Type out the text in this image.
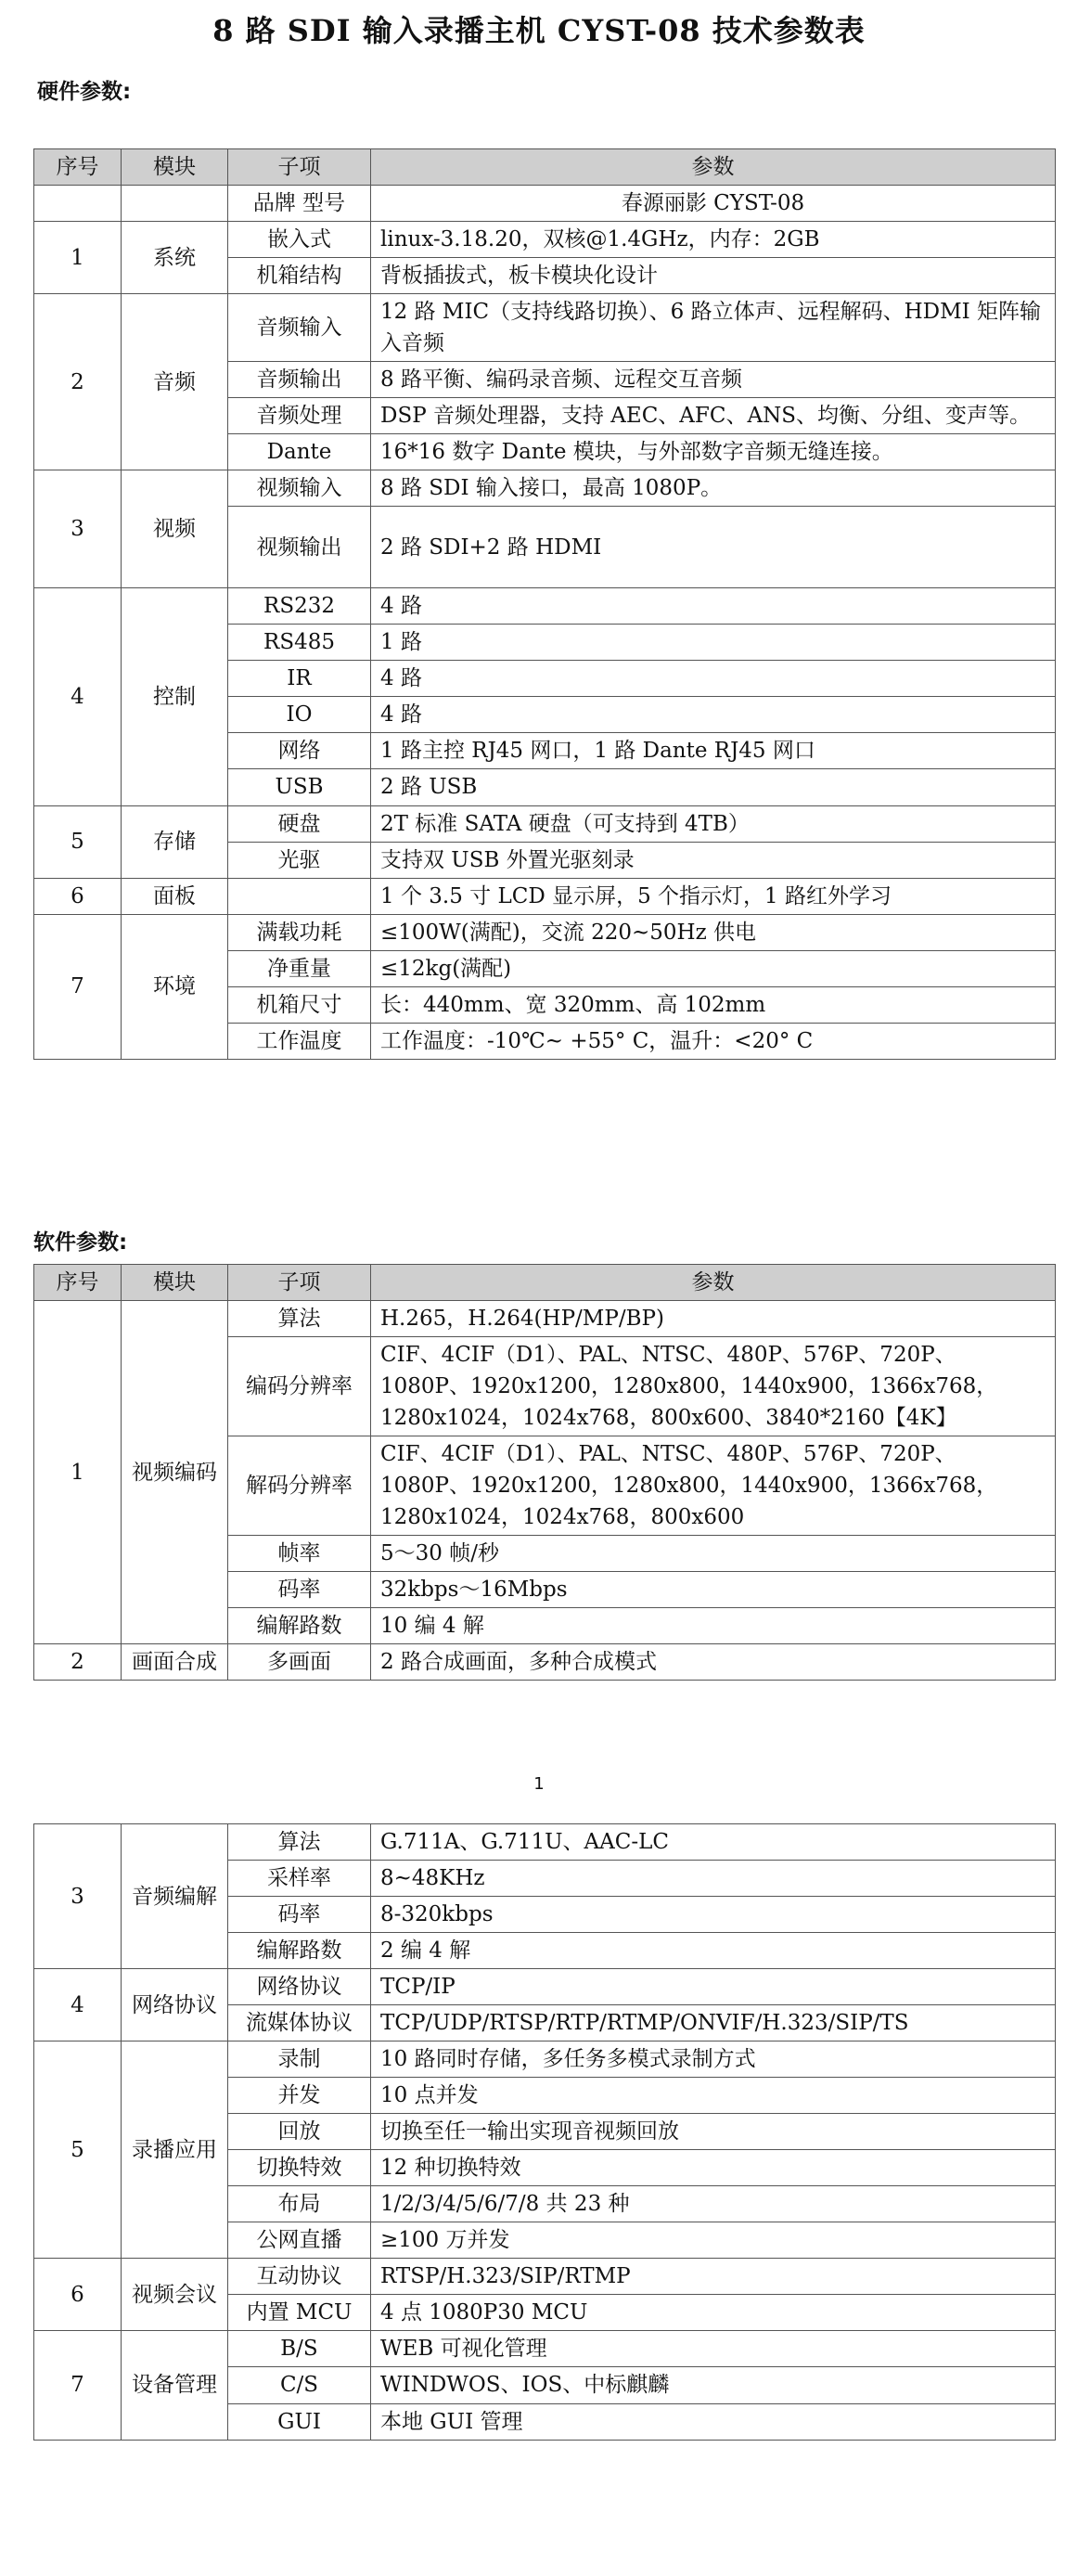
8 路 SDI 输入录播主机 CYST-08 技术参数表
硬件参数:
序号	模块	子项	参数
		品牌 型号	春源丽影 CYST-08
1	系统	嵌入式	linux-3.18.20，双核@1.4GHz，内存：2GB
		机箱结构	背板插拔式，板卡模块化设计
2	音频	音频输入	12 路 MIC（支持线路切换）、6 路立体声、远程解码、HDMI 矩阵输入音频
		音频输出	8 路平衡、编码录音频、远程交互音频
		音频处理	DSP 音频处理器，支持 AEC、AFC、ANS、均衡、分组、变声等。
		Dante	16*16 数字 Dante 模块，与外部数字音频无缝连接。
3	视频	视频输入	8 路 SDI 输入接口，最高 1080P。
		视频输出	2 路 SDI+2 路 HDMI
4	控制	RS232	4 路
		RS485	1 路
		IR	4 路
		IO	4 路
		网络	1 路主控 RJ45 网口，1 路 Dante RJ45 网口
		USB	2 路 USB
5	存储	硬盘	2T 标准 SATA 硬盘（可支持到 4TB）
		光驱	支持双 USB 外置光驱刻录
6	面板		1 个 3.5 寸 LCD 显示屏，5 个指示灯，1 路红外学习
7	环境	满载功耗	≤100W(满配)，交流 220~50Hz 供电
		净重量	≤12kg(满配)
		机箱尺寸	长：440mm、宽 320mm、高 102mm
		工作温度	工作温度：-10℃~ +55° C，温升：<20° C
软件参数:
序号	模块	子项	参数
1	视频编码	算法	H.265，H.264(HP/MP/BP)
		编码分辨率	CIF、4CIF（D1）、PAL、NTSC、480P、576P、720P、1080P、1920x1200，1280x800，1440x900，1366x768，1280x1024，1024x768，800x600、3840*2160【4K】
		解码分辨率	CIF、4CIF（D1）、PAL、NTSC、480P、576P、720P、1080P、1920x1200，1280x800，1440x900，1366x768，1280x1024，1024x768，800x600
		帧率	5～30 帧/秒
		码率	32kbps～16Mbps
		编解路数	10 编 4 解
2	画面合成	多画面	2 路合成画面，多种合成模式
1
3	音频编解	算法	G.711A、G.711U、AAC-LC
		采样率	8~48KHz
		码率	8-320kbps
		编解路数	2 编 4 解
4	网络协议	网络协议	TCP/IP
		流媒体协议	TCP/UDP/RTSP/RTP/RTMP/ONVIF/H.323/SIP/TS
5	录播应用	录制	10 路同时存储，多任务多模式录制方式
		并发	10 点并发
		回放	切换至任一输出实现音视频回放
		切换特效	12 种切换特效
		布局	1/2/3/4/5/6/7/8 共 23 种
		公网直播	≥100 万并发
6	视频会议	互动协议	RTSP/H.323/SIP/RTMP
		内置 MCU	4 点 1080P30 MCU
7	设备管理	B/S	WEB 可视化管理
		C/S	WINDWOS、IOS、中标麒麟
		GUI	本地 GUI 管理
